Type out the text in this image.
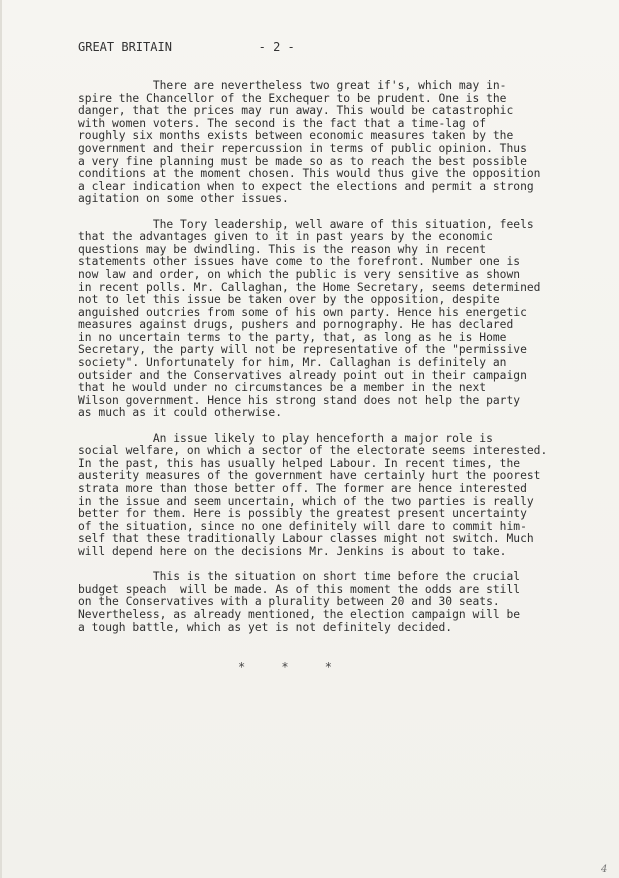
GREAT BRITAIN	- 2 -
There are nevertheless two great if's, which may in-
spire the Chancellor of the Exchequer to be prudent. One is the
danger, that the prices may run away. This would be catastrophic
with women voters. The second is the fact that a time-lag of
roughly six months exists between economic measures taken by the
government and their repercussion in terms of public opinion. Thus
a very fine planning must be made so as to reach the best possible
conditions at the moment chosen. This would thus give the opposition
a clear indication when to expect the elections and permit a strong
agitation on some other issues.
The Tory leadership, well aware of this situation, feels
that the advantages given to it in past years by the economic
questions may be dwindling. This is the reason why in recent
statements other issues have come to the forefront. Number one is
now law and order, on which the public is very sensitive as shown
in recent polls. Mr. Callaghan, the Home Secretary, seems determined
not to let this issue be taken over by the opposition, despite
anguished outcries from some of his own party. Hence his energetic
measures against drugs, pushers and pornography. He has declared
in no uncertain terms to the party, that, as long as he is Home
Secretary, the party will not be representative of the "permissive
society". Unfortunately for him, Mr. Callaghan is definitely an
outsider and the Conservatives already point out in their campaign
that he would under no circumstances be a member in the next
Wilson government. Hence his strong stand does not help the party
as much as it could otherwise.
An issue likely to play henceforth a major role is
social welfare, on which a sector of the electorate seems interested.
In the past, this has usually helped Labour. In recent times, the
austerity measures of the government have certainly hurt the poorest
strata more than those better off. The former are hence interested
in the issue and seem uncertain, which of the two parties is really
better for them. Here is possibly the greatest present uncertainty
of the situation, since no one definitely will dare to commit him-
self that these traditionally Labour classes might not switch. Much
will depend here on the decisions Mr. Jenkins is about to take.
This is the situation on short time before the crucial
budget speach  will be made. As of this moment the odds are still
on the Conservatives with a plurality between 20 and 30 seats.
Nevertheless, as already mentioned, the election campaign will be
a tough battle, which as yet is not definitely decided.
*     *     *
4
